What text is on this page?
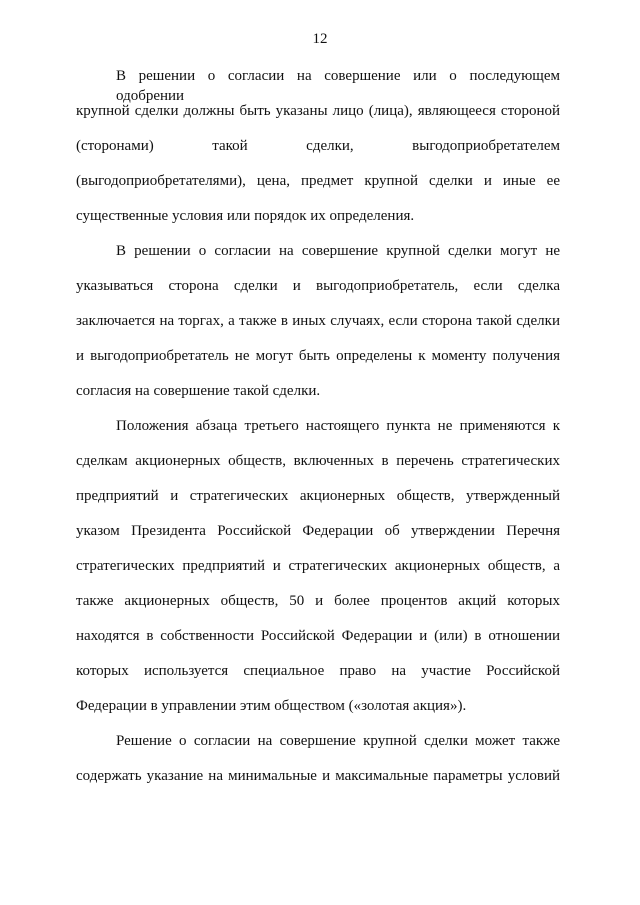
12
В решении о согласии на совершение или о последующем одобрении
крупной сделки должны быть указаны лицо (лица), являющееся стороной
(сторонами) такой сделки, выгодоприобретателем
(выгодоприобретателями), цена, предмет крупной сделки и иные ее
существенные условия или порядок их определения.
В решении о согласии на совершение крупной сделки могут не
указываться сторона сделки и выгодоприобретатель, если сделка
заключается на торгах, а также в иных случаях, если сторона такой сделки
и выгодоприобретатель не могут быть определены к моменту получения
согласия на совершение такой сделки.
Положения абзаца третьего настоящего пункта не применяются к
сделкам акционерных обществ, включенных в перечень стратегических
предприятий и стратегических акционерных обществ, утвержденный
указом Президента Российской Федерации об утверждении Перечня
стратегических предприятий и стратегических акционерных обществ, а
также акционерных обществ, 50 и более процентов акций которых
находятся в собственности Российской Федерации и (или) в отношении
которых используется специальное право на участие Российской
Федерации в управлении этим обществом («золотая акция»).
Решение о согласии на совершение крупной сделки может также
содержать указание на минимальные и максимальные параметры условий
